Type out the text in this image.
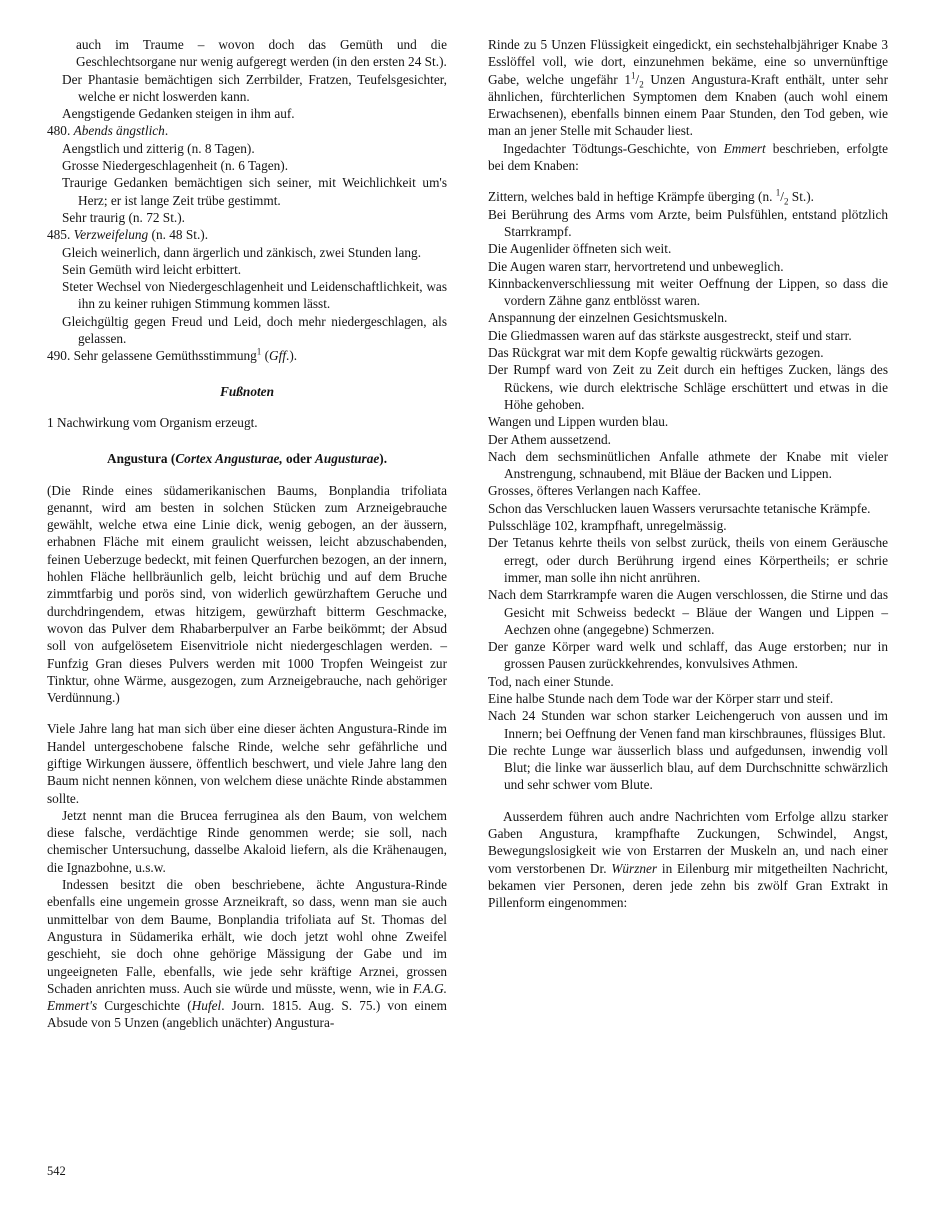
auch im Traume – wovon doch das Gemüth und die Geschlechtsorgane nur wenig aufgeregt werden (in den ersten 24 St.).

Der Phantasie bemächtigen sich Zerrbilder, Fratzen, Teufelsgesichter, welche er nicht loswerden kann.

Aengstigende Gedanken steigen in ihm auf.

480. Abends ängstlich.

Aengstlich und zitterig (n. 8 Tagen).

Grosse Niedergeschlagenheit (n. 6 Tagen).

Traurige Gedanken bemächtigen sich seiner, mit Weichlichkeit um's Herz; er ist lange Zeit trübe gestimmt.

Sehr traurig (n. 72 St.).

485. Verzweifelung (n. 48 St.).

Gleich weinerlich, dann ärgerlich und zänkisch, zwei Stunden lang.

Sein Gemüth wird leicht erbittert.

Steter Wechsel von Niedergeschlagenheit und Leidenschaftlichkeit, was ihn zu keiner ruhigen Stimmung kommen lässt.

Gleichgültig gegen Freud und Leid, doch mehr niedergeschlagen, als gelassen.

490. Sehr gelassene Gemüthsstimmung$^1$ (Gff.).

Fußnoten

1 Nachwirkung vom Organism erzeugt.

Angustura (Cortex Angusturae, oder Augusturae).

(Die Rinde eines südamerikanischen Baums, Bonplandia trifoliata genannt, wird am besten in solchen Stücken zum Arzneigebrauche gewählt, welche etwa eine Linie dick, wenig gebogen, an der äussern, erhabnen Fläche mit einem graulicht weissen, leicht abzuschabenden, feinen Ueberzuge bedeckt, mit feinen Querfurchen bezogen, an der innern, hohlen Fläche hellbräunlich gelb, leicht brüchig und auf dem Bruche zimmtfarbig und porös sind, von widerlich gewürzhaftem Geruche und durchdringendem, etwas hitzigem, gewürzhaft bitterm Geschmacke, wovon das Pulver dem Rhabarberpulver an Farbe beikömmt; der Absud soll von aufgelösetem Eisenvitriole nicht niedergeschlagen werden. – Funfzig Gran dieses Pulvers werden mit 1000 Tropfen Weingeist zur Tinktur, ohne Wärme, ausgezogen, zum Arzneigebrauche, nach gehöriger Verdünnung.)

Viele Jahre lang hat man sich über eine dieser ächten Angustura-Rinde im Handel untergeschobene falsche Rinde, welche sehr gefährliche und giftige Wirkungen äussere, öffentlich beschwert, und viele Jahre lang den Baum nicht nennen können, von welchem diese unächte Rinde abstammen sollte.

Jetzt nennt man die Brucea ferruginea als den Baum, von welchem diese falsche, verdächtige Rinde genommen werde; sie soll, nach chemischer Untersuchung, dasselbe Akaloid liefern, als die Krähenaugen, die Ignazbohne, u.s.w.

Indessen besitzt die oben beschriebene, ächte Angustura-Rinde ebenfalls eine ungemein grosse Arzneikraft, so dass, wenn man sie auch unmittelbar von dem Baume, Bonplandia trifoliata auf St. Thomas del Angustura in Südamerika erhält, wie doch jetzt wohl ohne Zweifel geschieht, sie doch ohne gehörige Mässigung der Gabe und im ungeeigneten Falle, ebenfalls, wie jede sehr kräftige Arznei, grossen Schaden anrichten muss. Auch sie würde und müsste, wenn, wie in F.A.G. Emmert's Curgeschichte (Hufel. Journ. 1815. Aug. S. 75.) von einem Absude von 5 Unzen (angeblich unächter) Angustura-

Rinde zu 5 Unzen Flüssigkeit eingedickt, ein sechstehalbjähriger Knabe 3 Esslöffel voll, wie dort, einzunehmen bekäme, eine so unvernünftige Gabe, welche ungefähr $1^1/_2$ Unzen Angustura-Kraft enthält, unter sehr ähnlichen, fürchterlichen Symptomen dem Knaben (auch wohl einem Erwachsenen), ebenfalls binnen einem Paar Stunden, den Tod geben, wie man an jener Stelle mit Schauder liest.

Ingedachter Tödtungs-Geschichte, von Emmert beschrieben, erfolgte bei dem Knaben:

Zittern, welches bald in heftige Krämpfe überging (n. $^1/_2$ St.).

Bei Berührung des Arms vom Arzte, beim Pulsfühlen, entstand plötzlich Starrkrampf.

Die Augenlider öffneten sich weit.

Die Augen waren starr, hervortretend und unbeweglich.

Kinnbackenverschliessung mit weiter Oeffnung der Lippen, so dass die vordern Zähne ganz entblösst waren.

Anspannung der einzelnen Gesichtsmuskeln.

Die Gliedmassen waren auf das stärkste ausgestreckt, steif und starr.

Das Rückgrat war mit dem Kopfe gewaltig rückwärts gezogen.

Der Rumpf ward von Zeit zu Zeit durch ein heftiges Zucken, längs des Rückens, wie durch elektrische Schläge erschüttert und etwas in die Höhe gehoben.

Wangen und Lippen wurden blau.

Der Athem aussetzend.

Nach dem sechsminütlichen Anfalle athmete der Knabe mit vieler Anstrengung, schnaubend, mit Bläue der Backen und Lippen.

Grosses, öfteres Verlangen nach Kaffee.

Schon das Verschlucken lauen Wassers verursachte tetanische Krämpfe.

Pulsschläge 102, krampfhaft, unregelmässig.

Der Tetanus kehrte theils von selbst zurück, theils von einem Geräusche erregt, oder durch Berührung irgend eines Körpertheils; er schrie immer, man solle ihn nicht anrühren.

Nach dem Starrkrampfe waren die Augen verschlossen, die Stirne und das Gesicht mit Schweiss bedeckt – Bläue der Wangen und Lippen – Aechzen ohne (angegebne) Schmerzen.

Der ganze Körper ward welk und schlaff, das Auge erstorben; nur in grossen Pausen zurückkehrendes, konvulsives Athmen.

Tod, nach einer Stunde.

Eine halbe Stunde nach dem Tode war der Körper starr und steif.

Nach 24 Stunden war schon starker Leichengeruch von aussen und im Innern; bei Oeffnung der Venen fand man kirschbraunes, flüssiges Blut.

Die rechte Lunge war äusserlich blass und aufgedunsen, inwendig voll Blut; die linke war äusserlich blau, auf dem Durchschnitte schwärzlich und sehr schwer vom Blute.

Ausserdem führen auch andre Nachrichten vom Erfolge allzu starker Gaben Angustura, krampfhafte Zuckungen, Schwindel, Angst, Bewegungslosigkeit wie von Erstarren der Muskeln an, und nach einer vom verstorbenen Dr. Würzner in Eilenburg mir mitgetheilten Nachricht, bekamen vier Personen, deren jede zehn bis zwölf Gran Extrakt in Pillenform eingenommen:

542
